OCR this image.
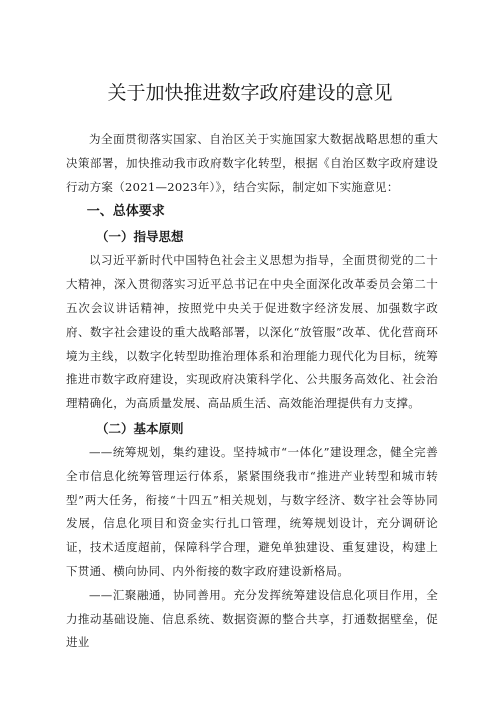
关于加快推进数字政府建设的意见

为全面贯彻落实国家、自治区关于实施国家大数据战略思想的重大决策部署，加快推动我市政府数字化转型，根据《自治区数字政府建设行动方案（2021—2023年）》，结合实际，制定如下实施意见：

一、总体要求
（一）指导思想

以习近平新时代中国特色社会主义思想为指导，全面贯彻党的二十大精神，深入贯彻落实习近平总书记在中央全面深化改革委员会第二十五次会议讲话精神，按照党中央关于促进数字经济发展、加强数字政府、数字社会建设的重大战略部署，以深化“放管服”改革、优化营商环境为主线，以数字化转型助推治理体系和治理能力现代化为目标，统筹推进市数字政府建设，实现政府决策科学化、公共服务高效化、社会治理精确化，为高质量发展、高品质生活、高效能治理提供有力支撑。

（二）基本原则

——统筹规划，集约建设。坚持城市“一体化”建设理念，健全完善全市信息化统筹管理运行体系，紧紧围绕我市“推进产业转型和城市转型”两大任务，衔接“十四五”相关规划，与数字经济、数字社会等协同发展，信息化项目和资金实行扎口管理，统筹规划设计，充分调研论证，技术适度超前，保障科学合理，避免单独建设、重复建设，构建上下贯通、横向协同、内外衔接的数字政府建设新格局。

——汇聚融通，协同善用。充分发挥统筹建设信息化项目作用，全力推动基础设施、信息系统、数据资源的整合共享，打通数据壁垒，促进业
